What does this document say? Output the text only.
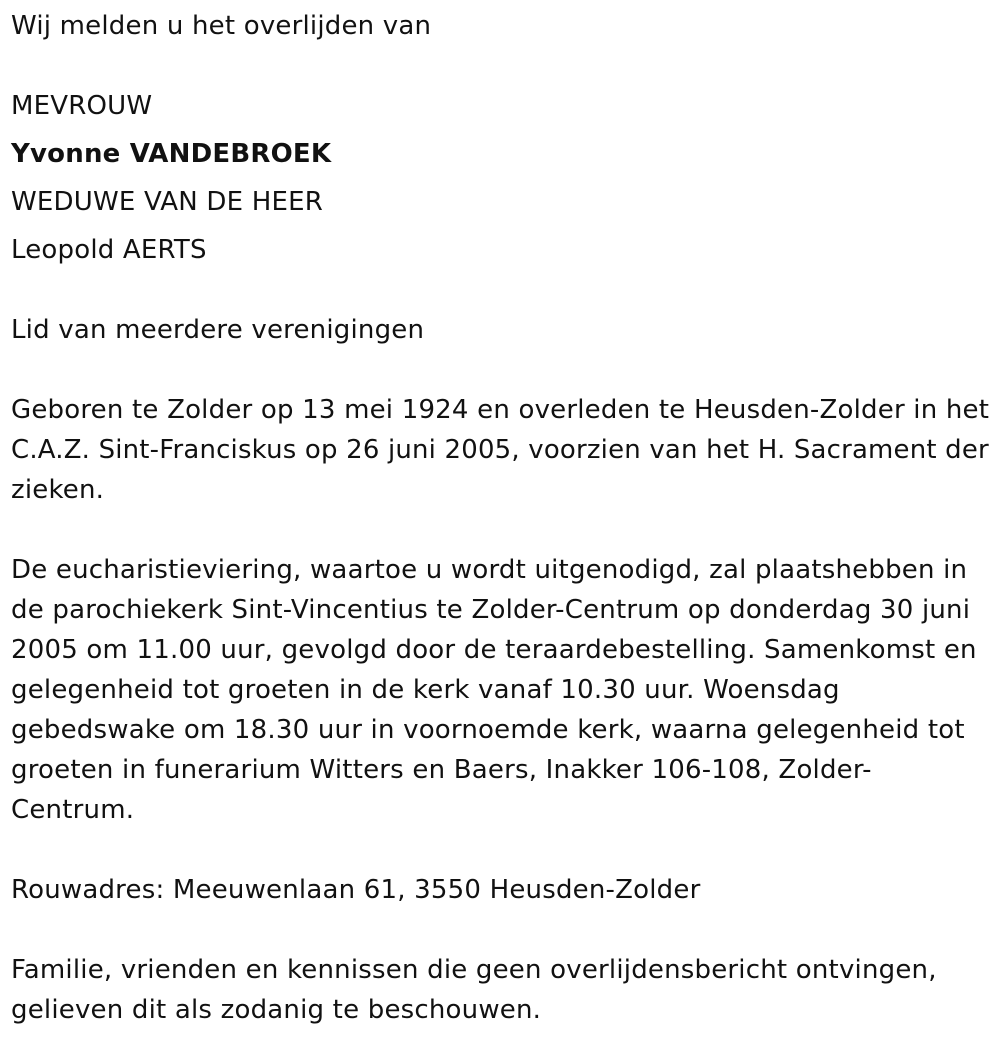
Wij melden u het overlijden van
MEVROUW
Yvonne VANDEBROEK
WEDUWE VAN DE HEER
Leopold AERTS
Lid van meerdere verenigingen
Geboren te Zolder op 13 mei 1924 en overleden te Heusden-Zolder in het
C.A.Z. Sint-Franciskus op 26 juni 2005, voorzien van het H. Sacrament der
zieken.
De eucharistieviering, waartoe u wordt uitgenodigd, zal plaatshebben in
de parochiekerk Sint-Vincentius te Zolder-Centrum op donderdag 30 juni
2005 om 11.00 uur, gevolgd door de teraardebestelling. Samenkomst en
gelegenheid tot groeten in de kerk vanaf 10.30 uur. Woensdag
gebedswake om 18.30 uur in voornoemde kerk, waarna gelegenheid tot
groeten in funerarium Witters en Baers, Inakker 106-108, Zolder-
Centrum.
Rouwadres: Meeuwenlaan 61, 3550 Heusden-Zolder
Familie, vrienden en kennissen die geen overlijdensbericht ontvingen,
gelieven dit als zodanig te beschouwen.
